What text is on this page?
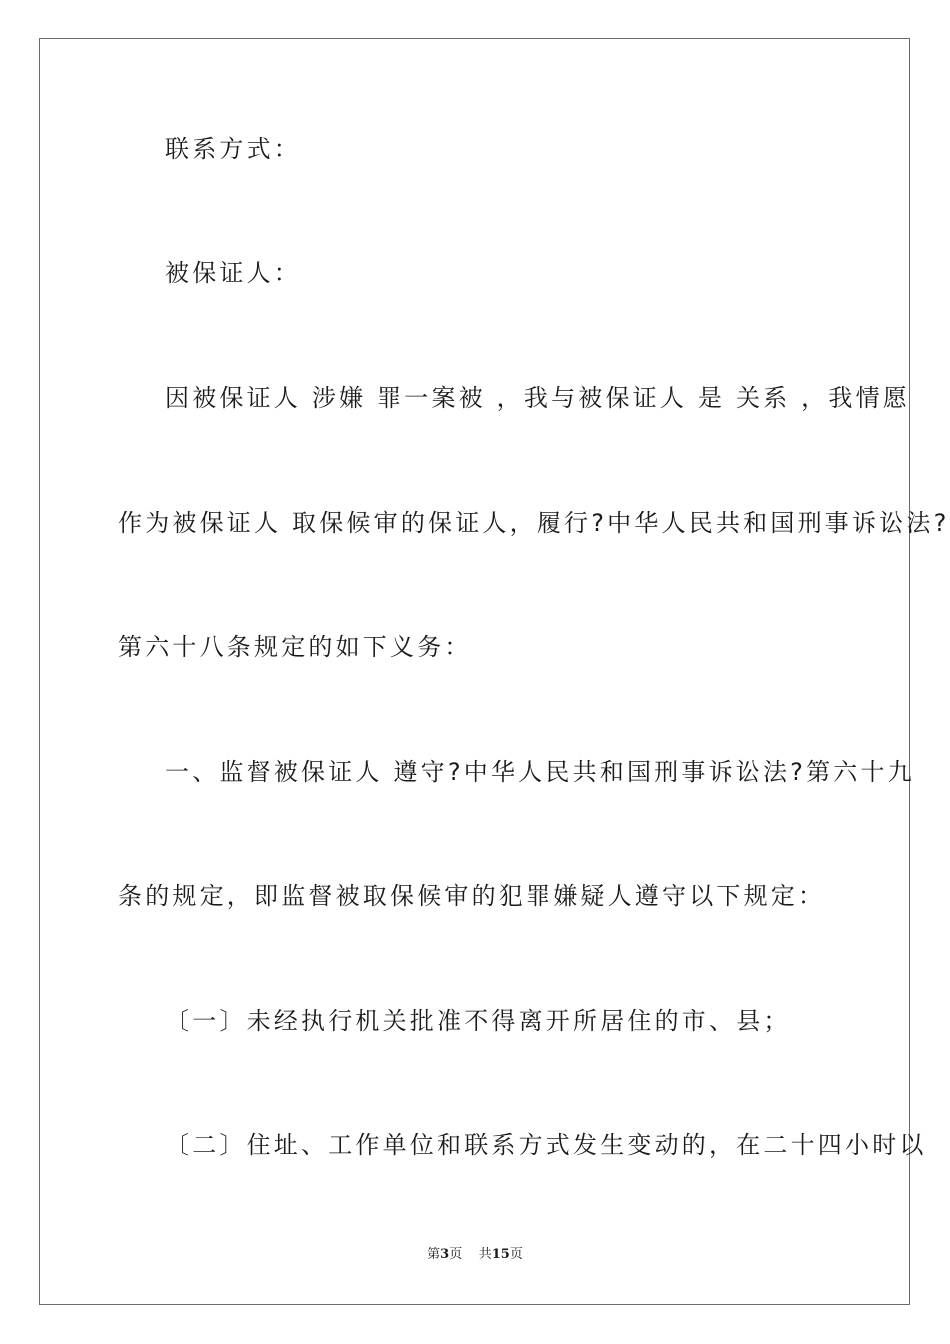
联系方式：
被保证人：
因被保证人 涉嫌 罪一案被 ，我与被保证人 是 关系 ，我情愿
作为被保证人 取保候审的保证人，履行?中华人民共和国刑事诉讼法?
第六十八条规定的如下义务：
一、监督被保证人 遵守?中华人民共和国刑事诉讼法?第六十九
条的规定，即监督被取保候审的犯罪嫌疑人遵守以下规定：
〔一〕未经执行机关批准不得离开所居住的市、县；
〔二〕住址、工作单位和联系方式发生变动的，在二十四小时以
第3页 共15页
